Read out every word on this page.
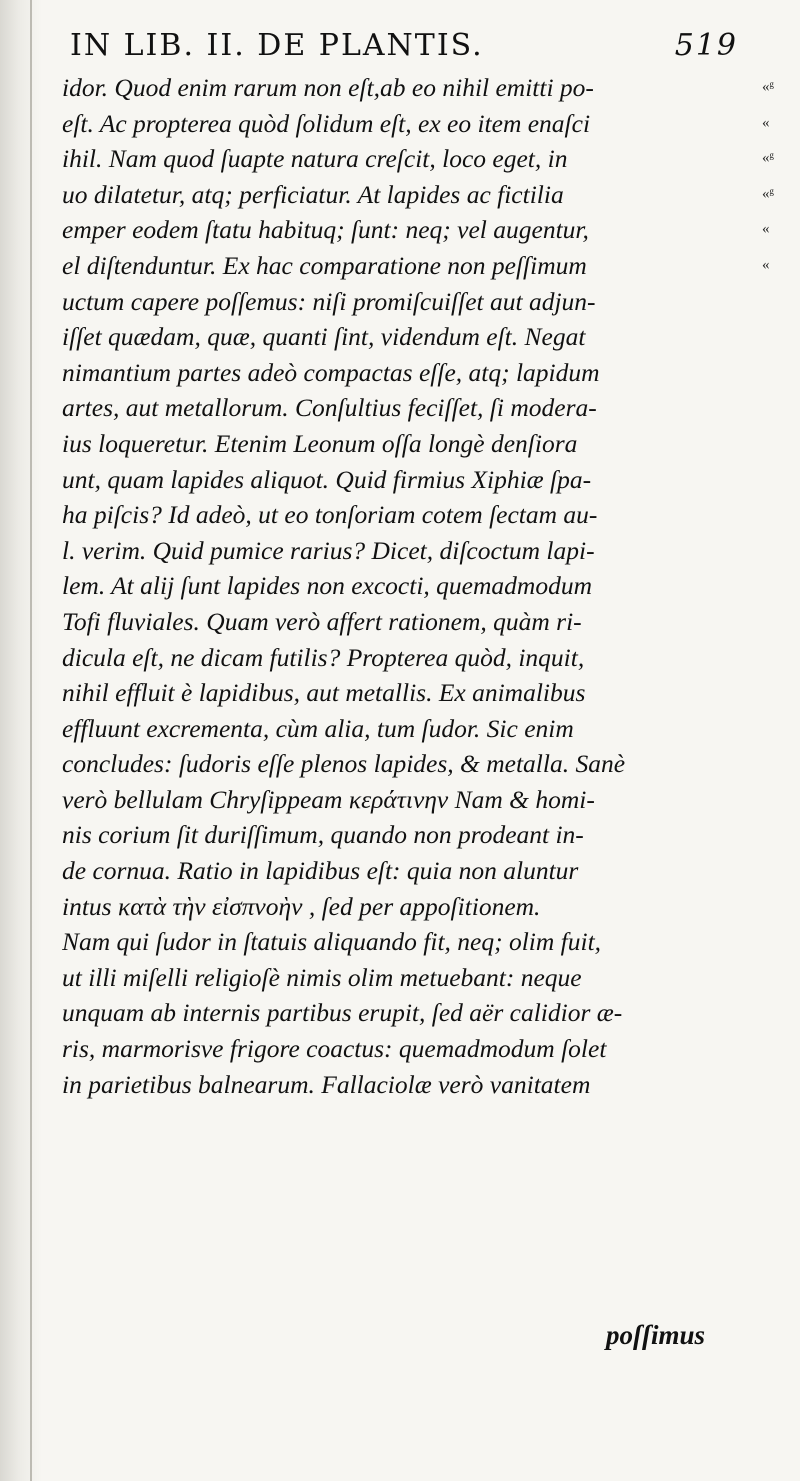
IN LIB. II. DE PLANTIS.	519
idor. Quod enim rarum non eſt,ab eo nihil emitti po-
eſt. Ac propterea quòd ſolidum eſt, ex eo item enaſci
ihil. Nam quod ſuapte natura creſcit, loco eget, in
uo dilatetur, atq; perficiatur. At lapides ac fictilia
emper eodem ſtatu habituq; ſunt: neq; vel augentur,
el diſtenduntur. Ex hac comparatione non peſſimum
uctum capere poſſemus: niſi promiſcuiſſet aut adjun-
iſſet quædam, quæ, quanti ſint, videndum eſt. Negat
nimantium partes adeò compactas eſſe, atq; lapidum
artes, aut metallorum. Conſultius feciſſet, ſi modera-
ius loqueretur. Etenim Leonum oſſa longè denſiora
unt, quam lapides aliquot. Quid firmius Xiphiæ ſpa-
ha piſcis? Id adeò, ut eo tonſoriam cotem ſectam au-
l. verim. Quid pumice rarius? Dicet, diſcoctum lapi-
lem. At alij ſunt lapides non excocti, quemadmodum
Tofi fluviales. Quam verò affert rationem, quàm ri-
dicula eſt, ne dicam futilis? Propterea quòd, inquit,
nihil effluit è lapidibus, aut metallis. Ex animalibus
effluunt excrementa, cùm alia, tum ſudor. Sic enim
concludes: ſudoris eſſe plenos lapides, & metalla. Sanè
verò bellulam Chryſippeam κεράτινην Nam & homi-
nis corium ſit duriſſimum, quando non prodeant in-
de cornua. Ratio in lapidibus eſt: quia non aluntur
intus κατὰ τὴν εἰσπνοὴν , ſed per appoſitionem.
Nam qui ſudor in ſtatuis aliquando fit, neq; olim fuit,
ut illi miſelli religioſè nimis olim metuebant: neque
unquam ab internis partibus erupit, ſed aër calidior æ-
ris, marmorisve frigore coactus: quemadmodum ſolet
in parietibus balnearum. Fallaciolæ verò vanitatem
«ᵍ
«
«ᵍ
«ᵍ
«
«
poſſimus
